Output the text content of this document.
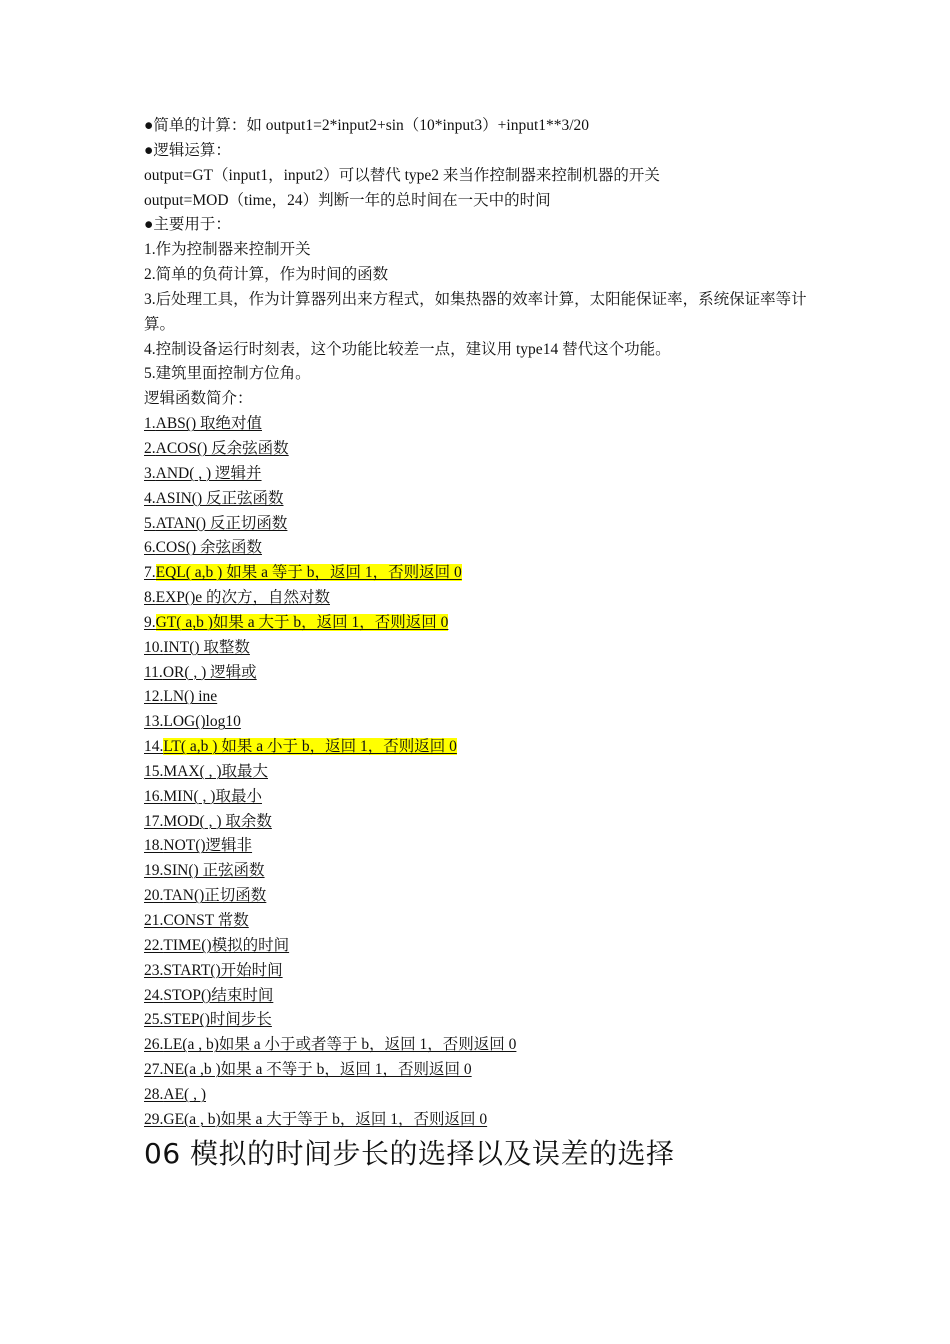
●简单的计算：如 output1=2*input2+sin（10*input3）+input1**3/20
●逻辑运算：
output=GT（input1，input2）可以替代 type2 来当作控制器来控制机器的开关
output=MOD（time，24）判断一年的总时间在一天中的时间
●主要用于：
1.作为控制器来控制开关
2.简单的负荷计算，作为时间的函数
3.后处理工具，作为计算器列出来方程式，如集热器的效率计算，太阳能保证率，系统保证率等计算。
4.控制设备运行时刻表，这个功能比较差一点，建议用 type14 替代这个功能。
5.建筑里面控制方位角。
逻辑函数简介：
1.ABS() 取绝对值
2.ACOS() 反余弦函数
3.AND( , ) 逻辑并
4.ASIN() 反正弦函数
5.ATAN() 反正切函数
6.COS() 余弦函数
7.EQL( a,b ) 如果 a 等于 b，返回 1，否则返回 0
8.EXP()e 的次方，自然对数
9.GT( a,b )如果 a 大于 b，返回 1，否则返回 0
10.INT() 取整数
11.OR( , ) 逻辑或
12.LN() ine
13.LOG()log10
14.LT( a,b ) 如果 a 小于 b，返回 1，否则返回 0
15.MAX( , )取最大
16.MIN( , )取最小
17.MOD( , ) 取余数
18.NOT()逻辑非
19.SIN() 正弦函数
20.TAN()正切函数
21.CONST 常数
22.TIME()模拟的时间
23.START()开始时间
24.STOP()结束时间
25.STEP()时间步长
26.LE(a , b)如果 a 小于或者等于 b，返回 1，否则返回 0
27.NE(a ,b )如果 a 不等于 b，返回 1，否则返回 0
28.AE( , )
29.GE(a , b)如果 a 大于等于 b，返回 1，否则返回 0
06 模拟的时间步长的选择以及误差的选择
